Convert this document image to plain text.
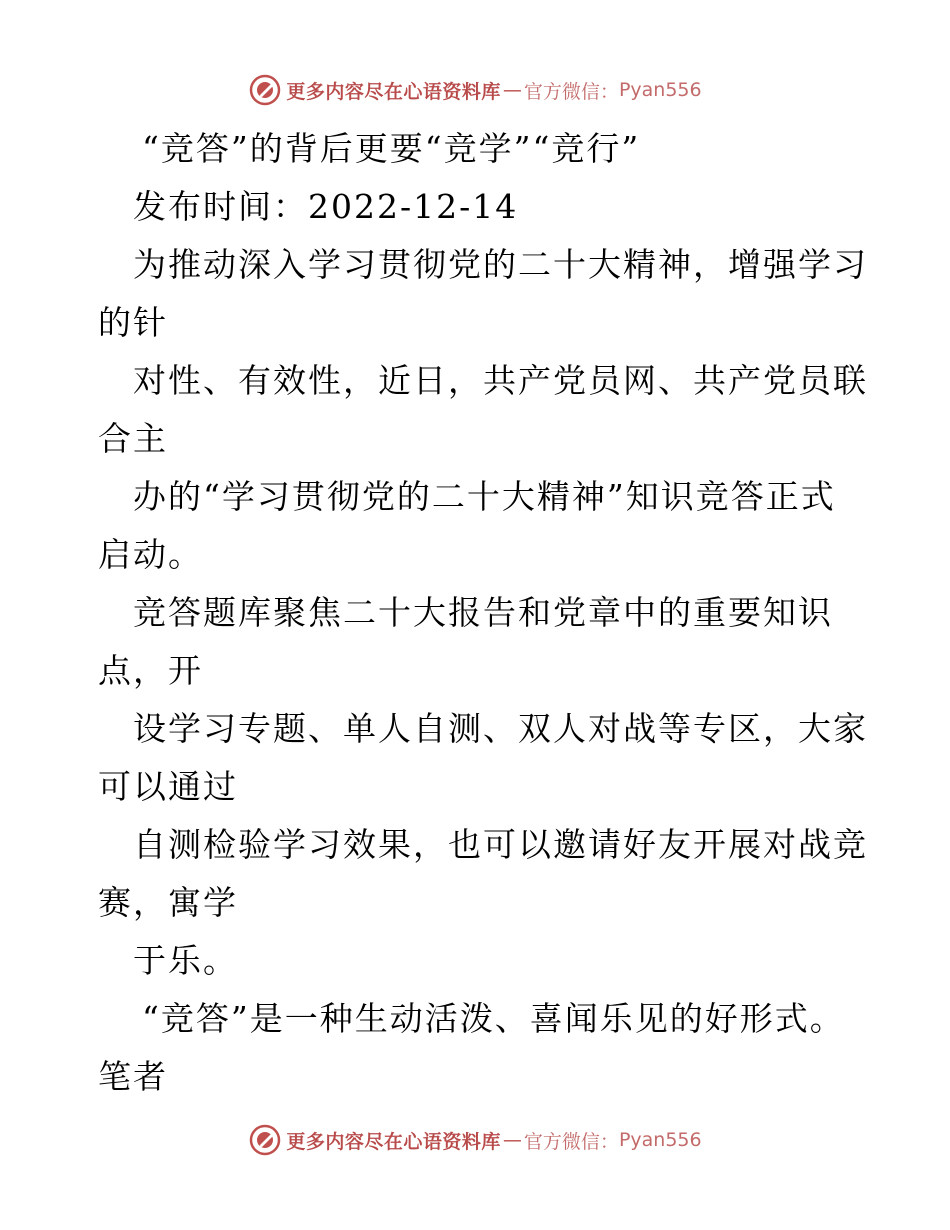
更多内容尽在心语资料库 — 官方微信： Pyan556
“竞答”的背后更要“竞学”“竞行”
发布时间：2022-12-14
为推动深入学习贯彻党的二十大精神，增强学习
的针
对性、有效性，近日，共产党员网、共产党员联
合主
办的“学习贯彻党的二十大精神”知识竞答正式
启动。
竞答题库聚焦二十大报告和党章中的重要知识
点，开
设学习专题、单人自测、双人对战等专区，大家
可以通过
自测检验学习效果，也可以邀请好友开展对战竞
赛，寓学
于乐。
“竞答”是一种生动活泼、喜闻乐见的好形式。
笔者
更多内容尽在心语资料库 — 官方微信： Pyan556
